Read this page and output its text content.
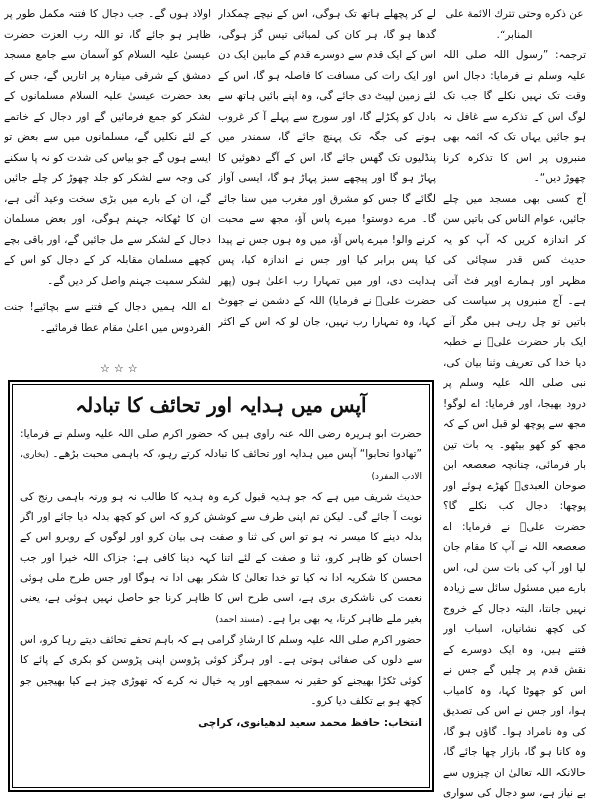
عن ذكره وحتى تترك الائمة على المنابر“.

ترجمہ: ”رسول اللہ صلی اللہ علیہ وسلم نے فرمایا: دجال اس وقت تک نہیں نکلے گا جب تک لوگ اس کے تذکرے سے غافل نہ ہو جائیں یہاں تک کہ ائمہ بھی منبروں پر اس کا تذکرہ کرنا چھوڑ دیں“۔

آج کسی بھی مسجد میں چلے جائیں، عوام الناس کی باتیں سن کر اندازہ کریں کہ آپ کو یہ حدیث کس قدر سچائی کی مظہر اور ہمارے اوپر فٹ آتی ہے۔ آج منبروں پر سیاست کی باتیں تو چل رہی ہیں مگر آنے

لے کر پچھلے ہاتھ تک ہوگی، اس کے نیچے چمکدار گدھا ہو گا، ہر کان کی لمبائی تیس گز ہوگی، اس کے ایک قدم سے دوسرے قدم کے مابین ایک دن اور ایک رات کی مسافت کا فاصلہ ہو گا، اس کے لئے زمین لپیٹ دی جائے گی، وہ اپنے بائیں ہاتھ سے بادل کو پکڑلے گا، اور سورج سے پہلے آ کر غروب ہونے کی جگہ تک پہنچ جائے گا، سمندر میں پنڈلیوں تک گھس جائے گا، اس کے آگے دھوئیں کا پہاڑ ہو گا اور پیچھے سبز پہاڑ ہو گا، ایسی آواز لگائے گا جس کو مشرق اور مغرب میں سنا جائے گا۔ مرے دوستو! میرے پاس آؤ، مجھ سے محبت کرنے والو! میرے پاس آؤ، میں وہ ہوں جس نے پیدا کیا پس برابر کیا اور جس نے اندازہ کیا، پس ہدایت دی، اور میں تمہارا رب اعلیٰ ہوں (پھر حضرت علیؓ نے فرمایا) اللہ کے دشمن نے جھوٹ کہا، وہ تمہارا رب نہیں، جان لو کہ اس کے اکثر

اولاد ہوں گے۔ جب دجال کا فتنہ مکمل طور پر ظاہر ہو جائے گا، تو اللہ رب العزت حضرت عیسیٰ علیہ السلام کو آسمان سے جامع مسجد دمشق کے شرقی مینارہ پر اتاریں گے، جس کے بعد حضرت عیسیٰ علیہ السلام مسلمانوں کے لشکر کو جمع فرمائیں گے اور دجال کے خاتمے کے لئے نکلیں گے، مسلمانوں میں سے بعض تو ایسے ہوں گے جو بیاس کی شدت کو نہ پا سکنے کی وجہ سے لشکر کو جلد چھوڑ کر چلے جائیں گے، ان کے بارے میں بڑی سخت وعید آئی ہے، ان کا ٹھکانہ جہنم ہوگی، اور بعض مسلمان دجال کے لشکر سے مل جائیں گے، اور باقی بچے کچھے مسلمان مقابلہ کر کے دجال کو اس کے لشکر سمیت جہنم واصل کر دیں گے۔

اے اللہ ہمیں دجال کے فتنے سے بچائیے! جنت الفردوس میں اعلیٰ مقام عطا فرمائیے۔

☆☆☆

ایک بار حضرت علیؓ نے خطبہ دیا خدا کی تعریف وثنا بیان کی، نبی صلی اللہ علیہ وسلم پر درود بھیجا، اور فرمایا: اے لوگو! مجھ سے پوچھ لو قبل اس کے کہ مجھ کو کھو بیٹھو۔ یہ بات تین بار فرمائی، چنانچہ صعصعہ ابن صوحان العبدیؓ کھڑے ہوئے اور پوچھا: دجال کب نکلے گا؟ حضرت علیؓ نے فرمایا: اے صعصعہ اللہ نے آپ کا مقام جان لیا اور آپ کی بات سن لی، اس بارے میں مسئول سائل سے زیادہ نہیں جانتا، البتہ دجال کے خروج کی کچھ نشانیاں، اسباب اور فتنے ہیں، وہ ایک دوسرے کے نقش قدم پر چلیں گے جس نے اس کو جھوٹا کہا، وہ کامیاب ہوا، اور جس نے اس کی تصدیق کی وہ نامراد ہوا۔ گاؤں ہو گا، وہ کانا ہو گا، بازار چھا جائے گا، حالانکہ اللہ تعالیٰ ان چیزوں سے بے نیاز ہے، سو دجال کی سواری

آپس میں ہدایہ اور تحائف کا تبادلہ

حضرت ابو ہریرہ رضی اللہ عنہ راوی ہیں کہ حضور اکرم صلی اللہ علیہ وسلم نے فرمایا: ”تھادوا تحابوا“ آپس میں ہدایہ اور تحائف کا تبادلہ کرتے رہو، کہ باہمی محبت بڑھے۔ (بخاری، الادب المفرد)

حدیث شریف میں ہے کہ جو ہدیہ قبول کرے وہ ہدیہ کا طالب نہ ہو ورنہ باہمی رنج کی نوبت آ جائے گی۔ لیکن تم اپنی طرف سے کوشش کرو کہ اس کو کچھ بدلہ دیا جائے اور اگر بدلہ دینے کا میسر نہ ہو تو اس کی ثنا و صفت ہی بیان کرو اور لوگوں کے روبرو اس کے احسان کو ظاہر کرو، ثنا و صفت کے لئے اتنا کہہ دینا کافی ہے: جزاک اللہ خیرا اور جب محسن کا شکریہ ادا نہ کیا تو خدا تعالیٰ کا شکر بھی ادا نہ ہوگا اور جس طرح ملی ہوئی نعمت کی ناشکری بری ہے، اسی طرح اس کا ظاہر کرنا جو حاصل نہیں ہوئی ہے، یعنی بغیر ملے ظاہر کرنا، یہ بھی برا ہے۔ (مسند احمد)

حضور اکرم صلی اللہ علیہ وسلم کا ارشادِ گرامی ہے کہ باہم تحفے تحائف دیتے رہا کرو، اس سے دلوں کی صفائی ہوتی ہے۔ اور ہرگز کوئی پڑوسن اپنی پڑوسن کو بکری کے پائے کا کوئی ٹکڑا بھیجنے کو حقیر نہ سمجھے اور یہ خیال نہ کرے کہ تھوڑی چیز ہے کیا بھیجیں جو کچھ ہو بے تکلف دیا کرو۔

انتخاب: حافظ محمد سعید لدھیانوی، کراچی
